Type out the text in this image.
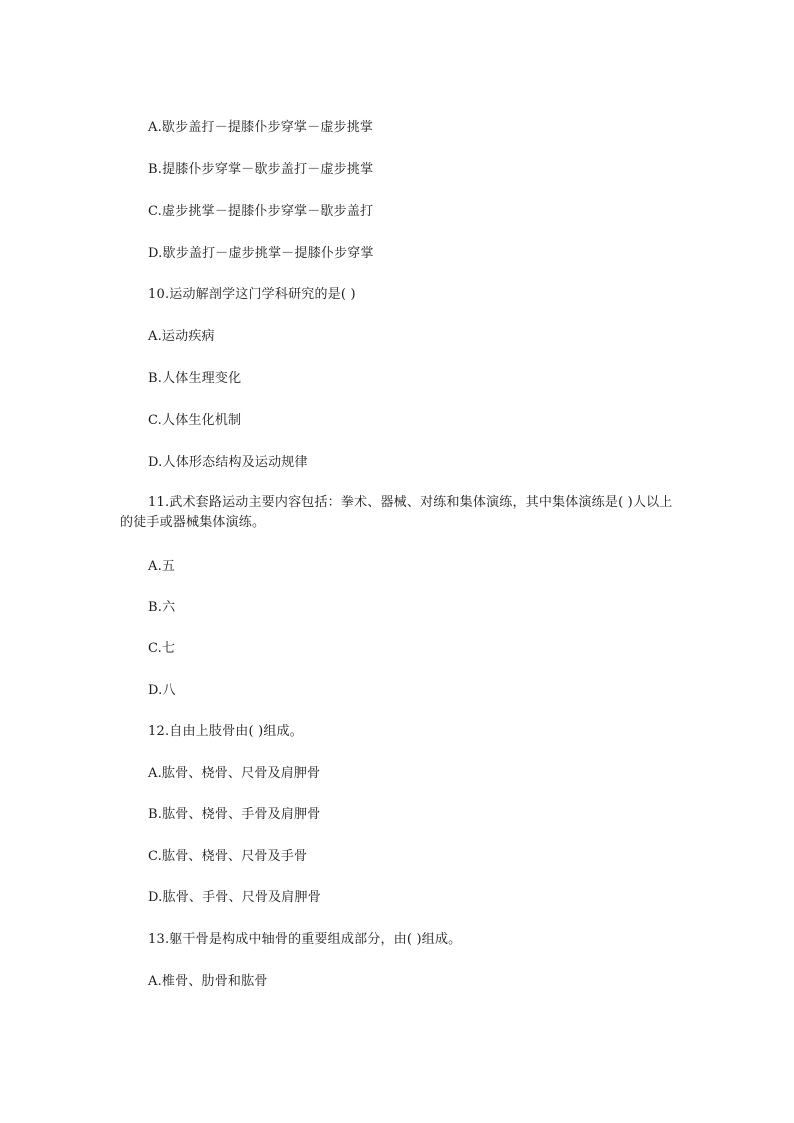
A.歇步盖打－提膝仆步穿掌－虚步挑掌
B.提膝仆步穿掌－歇步盖打－虚步挑掌
C.虚步挑掌－提膝仆步穿掌－歇步盖打
D.歇步盖打－虚步挑掌－提膝仆步穿掌
10.运动解剖学这门学科研究的是( )
A.运动疾病
B.人体生理变化
C.人体生化机制
D.人体形态结构及运动规律
11.武术套路运动主要内容包括：拳术、器械、对练和集体演练，其中集体演练是( )人以上的徒手或器械集体演练。
A.五
B.六
C.七
D.八
12.自由上肢骨由( )组成。
A.肱骨、桡骨、尺骨及肩胛骨
B.肱骨、桡骨、手骨及肩胛骨
C.肱骨、桡骨、尺骨及手骨
D.肱骨、手骨、尺骨及肩胛骨
13.躯干骨是构成中轴骨的重要组成部分，由( )组成。
A.椎骨、肋骨和肱骨
